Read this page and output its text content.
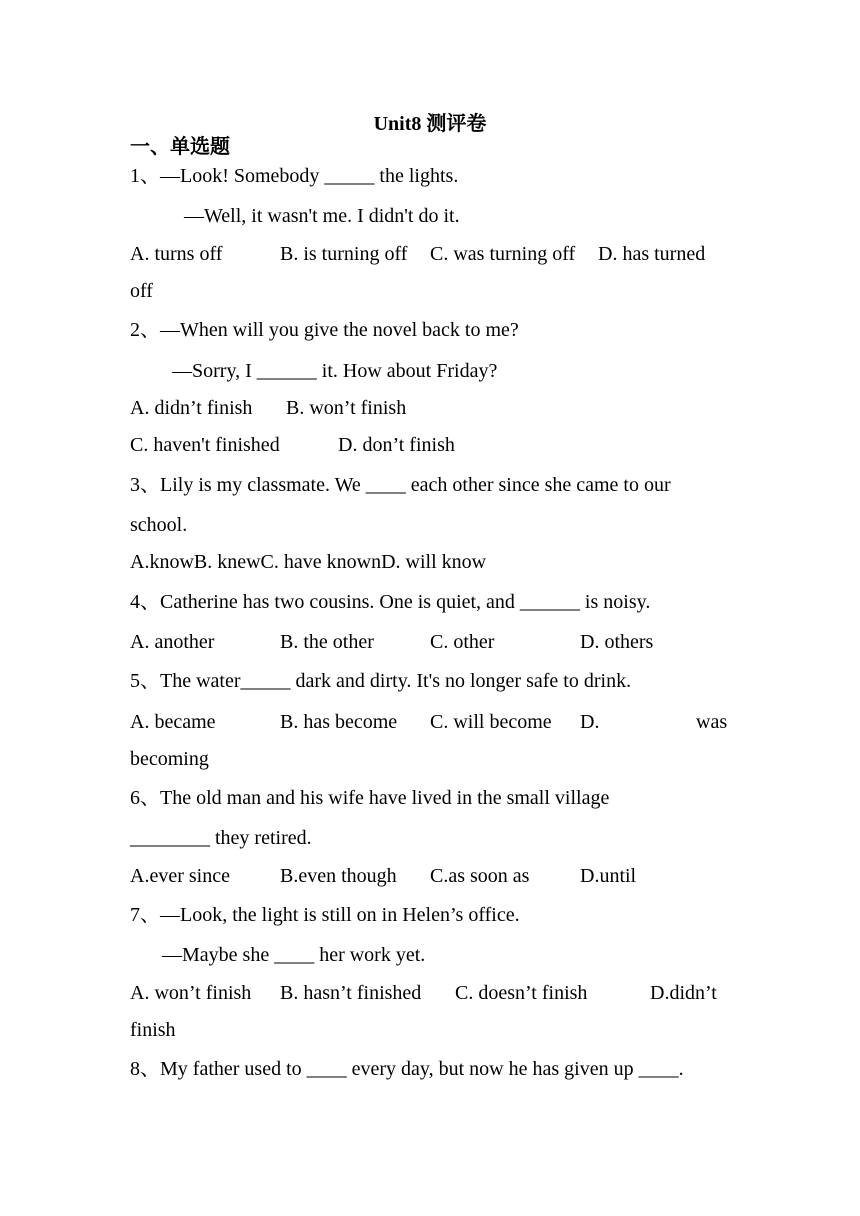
Unit8 测评卷
一、单选题
1、—Look! Somebody _____ the lights.
—Well, it wasn't me. I didn't do it.
A. turns off	B. is turning off C. was turning off D. has turned
off
2、—When will you give the novel back to me?
—Sorry, I ______ it. How about Friday?
A. didn’t finish B. won’t finish
C. haven't finished	D. don’t finish
3、Lily is my classmate. We ____ each other since she came to our
school.
A.knowB. knewC. have knownD. will know
4、Catherine has two cousins. One is quiet, and ______ is noisy.
A. another	B. the other	C. other	D. others
5、The water_____ dark and dirty. It's no longer safe to drink.
A. became	B. has become C. will become D.	was
becoming
6、The old man and his wife have lived in the small village
________ they retired.
A.ever since	B.even though C.as soon as	D.until
7、—Look, the light is still on in Helen’s office.
—Maybe she ____ her work yet.
A. won’t finish B. hasn’t finished C. doesn’t finish	D.didn’t
finish
8、My father used to ____ every day, but now he has given up ____.
